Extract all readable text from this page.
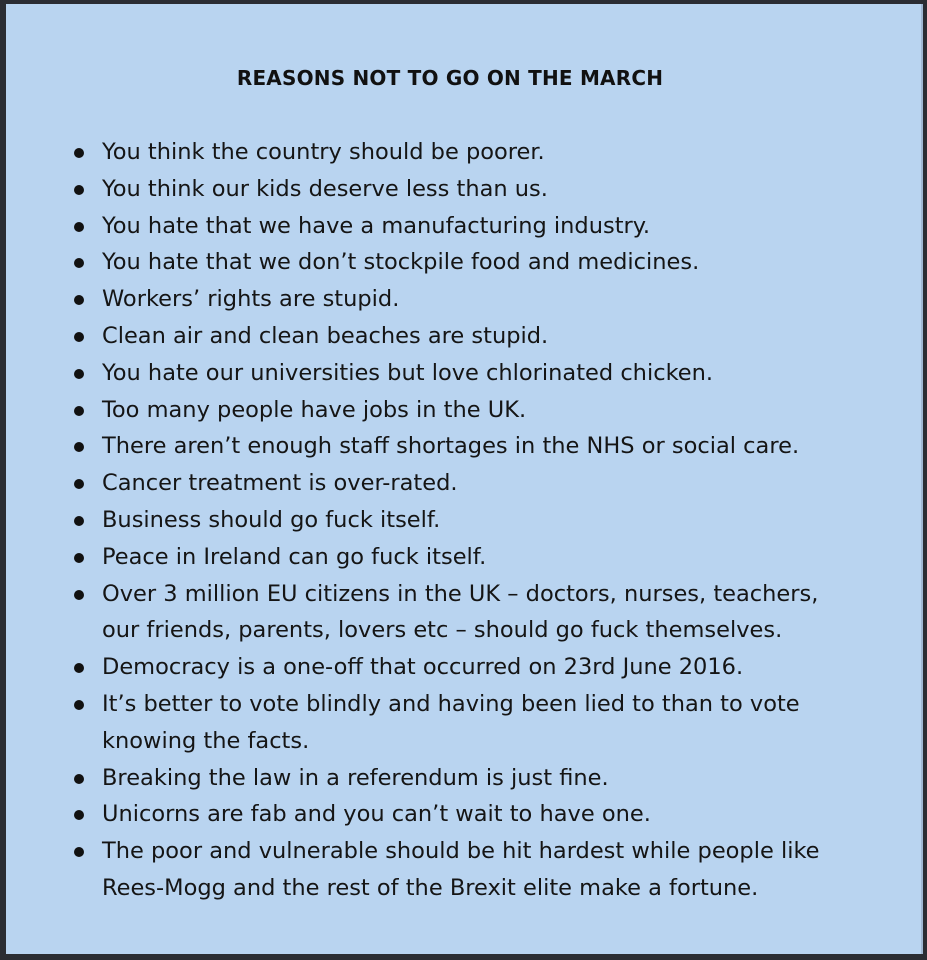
REASONS NOT TO GO ON THE MARCH
You think the country should be poorer.
You think our kids deserve less than us.
You hate that we have a manufacturing industry.
You hate that we don’t stockpile food and medicines.
Workers’ rights are stupid.
Clean air and clean beaches are stupid.
You hate our universities but love chlorinated chicken.
Too many people have jobs in the UK.
There aren’t enough staff shortages in the NHS or social care.
Cancer treatment is over-rated.
Business should go fuck itself.
Peace in Ireland can go fuck itself.
Over 3 million EU citizens in the UK – doctors, nurses, teachers,
our friends, parents, lovers etc – should go fuck themselves.
Democracy is a one-off that occurred on 23rd June 2016.
It’s better to vote blindly and having been lied to than to vote
knowing the facts.
Breaking the law in a referendum is just fine.
Unicorns are fab and you can’t wait to have one.
The poor and vulnerable should be hit hardest while people like
Rees-Mogg and the rest of the Brexit elite make a fortune.
